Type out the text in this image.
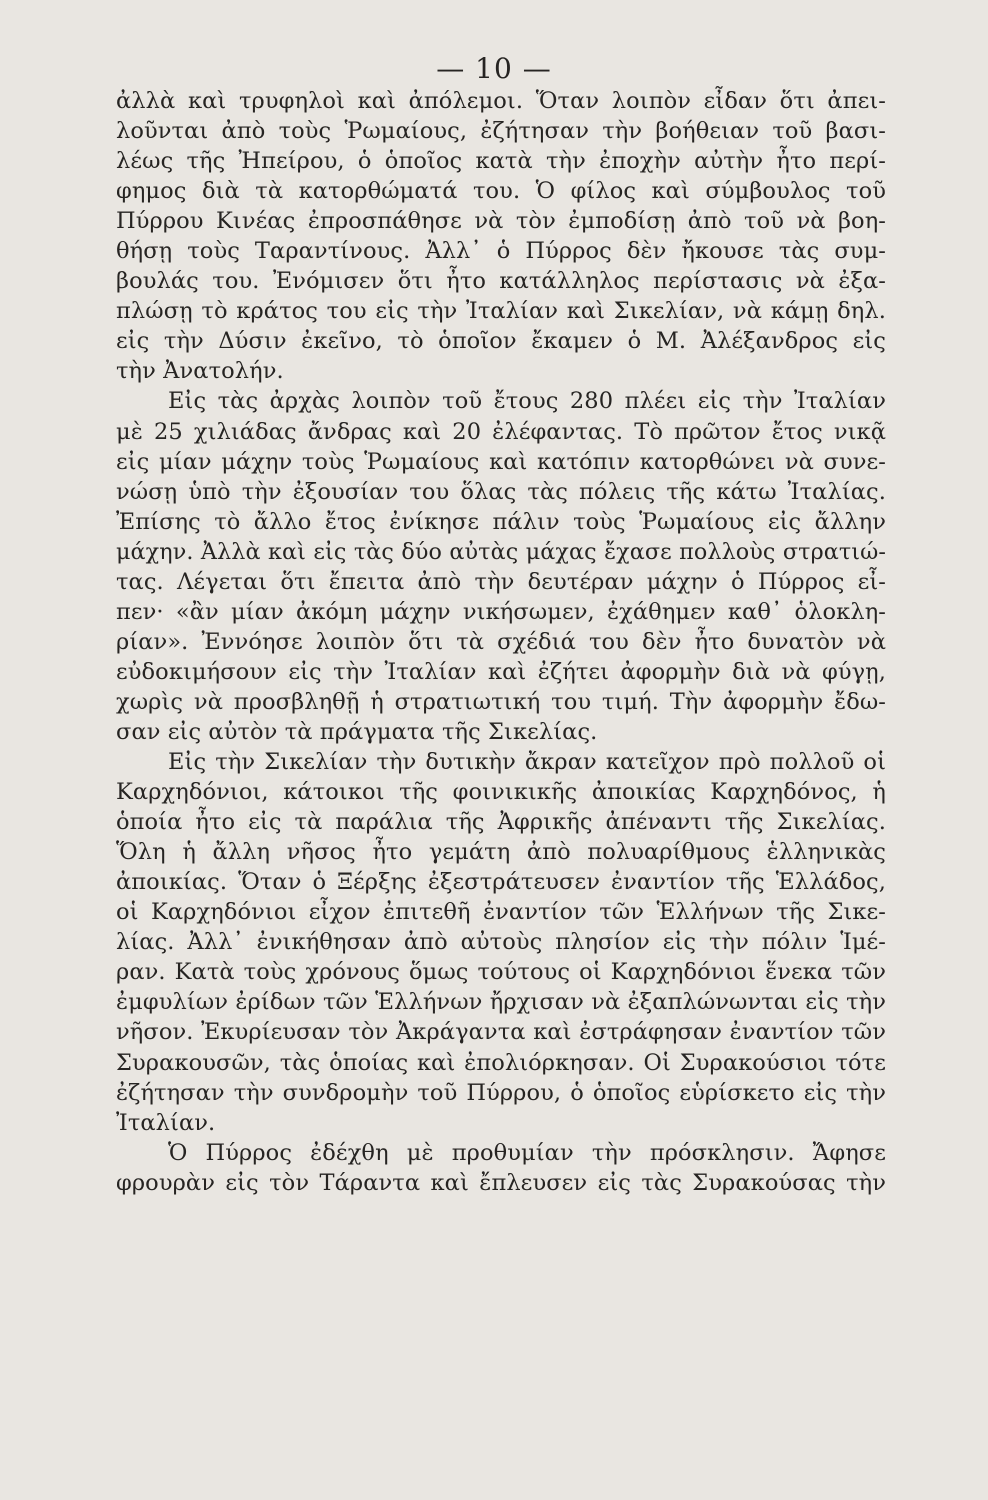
— 10 —
ἀλλὰ καὶ τρυφηλοὶ καὶ ἀπόλεμοι. Ὅταν λοιπὸν εἶδαν ὅτι ἀπει-
λοῦνται ἀπὸ τοὺς Ῥωμαίους, ἐζήτησαν τὴν βοήθειαν τοῦ βασι-
λέως τῆς Ἠπείρου, ὁ ὁποῖος κατὰ τὴν ἐποχὴν αὐτὴν ἦτο περί-
φημος διὰ τὰ κατορθώματά του. Ὁ φίλος καὶ σύμβουλος τοῦ
Πύρρου Κινέας ἐπροσπάθησε νὰ τὸν ἐμποδίσῃ ἀπὸ τοῦ νὰ βοη-
θήσῃ τοὺς Ταραντίνους. Ἀλλ᾽ ὁ Πύρρος δὲν ἤκουσε τὰς συμ-
βουλάς του. Ἐνόμισεν ὅτι ἦτο κατάλληλος περίστασις νὰ ἐξα-
πλώσῃ τὸ κράτος του εἰς τὴν Ἰταλίαν καὶ Σικελίαν, νὰ κάμῃ δηλ.
εἰς τὴν Δύσιν ἐκεῖνο, τὸ ὁποῖον ἔκαμεν ὁ Μ. Ἀλέξανδρος εἰς
τὴν Ἀνατολήν.
Εἰς τὰς ἀρχὰς λοιπὸν τοῦ ἔτους 280 πλέει εἰς τὴν Ἰταλίαν
μὲ 25 χιλιάδας ἄνδρας καὶ 20 ἐλέφαντας. Τὸ πρῶτον ἔτος νικᾷ
εἰς μίαν μάχην τοὺς Ῥωμαίους καὶ κατόπιν κατορθώνει νὰ συνε-
νώσῃ ὑπὸ τὴν ἐξουσίαν του ὅλας τὰς πόλεις τῆς κάτω Ἰταλίας.
Ἐπίσης τὸ ἄλλο ἔτος ἐνίκησε πάλιν τοὺς Ῥωμαίους εἰς ἄλλην
μάχην. Ἀλλὰ καὶ εἰς τὰς δύο αὐτὰς μάχας ἔχασε πολλοὺς στρατιώ-
τας. Λέγεται ὅτι ἔπειτα ἀπὸ τὴν δευτέραν μάχην ὁ Πύρρος εἶ-
πεν· «ἂν μίαν ἀκόμη μάχην νικήσωμεν, ἐχάθημεν καθ᾽ ὁλοκλη-
ρίαν». Ἐννόησε λοιπὸν ὅτι τὰ σχέδιά του δὲν ἦτο δυνατὸν νὰ
εὐδοκιμήσουν εἰς τὴν Ἰταλίαν καὶ ἐζήτει ἀφορμὴν διὰ νὰ φύγῃ,
χωρὶς νὰ προσβληθῇ ἡ στρατιωτική του τιμή. Τὴν ἀφορμὴν ἔδω-
σαν εἰς αὐτὸν τὰ πράγματα τῆς Σικελίας.
Εἰς τὴν Σικελίαν τὴν δυτικὴν ἄκραν κατεῖχον πρὸ πολλοῦ οἱ
Καρχηδόνιοι, κάτοικοι τῆς φοινικικῆς ἀποικίας Καρχηδόνος, ἡ
ὁποία ἦτο εἰς τὰ παράλια τῆς Ἀφρικῆς ἀπέναντι τῆς Σικελίας.
Ὅλη ἡ ἄλλη νῆσος ἦτο γεμάτη ἀπὸ πολυαρίθμους ἑλληνικὰς
ἀποικίας. Ὅταν ὁ Ξέρξης ἐξεστράτευσεν ἐναντίον τῆς Ἑλλάδος,
οἱ Καρχηδόνιοι εἶχον ἐπιτεθῆ ἐναντίον τῶν Ἑλλήνων τῆς Σικε-
λίας. Ἀλλ᾽ ἐνικήθησαν ἀπὸ αὐτοὺς πλησίον εἰς τὴν πόλιν Ἱμέ-
ραν. Κατὰ τοὺς χρόνους ὅμως τούτους οἱ Καρχηδόνιοι ἕνεκα τῶν
ἐμφυλίων ἐρίδων τῶν Ἑλλήνων ἤρχισαν νὰ ἐξαπλώνωνται εἰς τὴν
νῆσον. Ἐκυρίευσαν τὸν Ἀκράγαντα καὶ ἐστράφησαν ἐναντίον τῶν
Συρακουσῶν, τὰς ὁποίας καὶ ἐπολιόρκησαν. Οἱ Συρακούσιοι τότε
ἐζήτησαν τὴν συνδρομὴν τοῦ Πύρρου, ὁ ὁποῖος εὑρίσκετο εἰς τὴν
Ἰταλίαν.
Ὁ Πύρρος ἐδέχθη μὲ προθυμίαν τὴν πρόσκλησιν. Ἄφησε
φρουρὰν εἰς τὸν Τάραντα καὶ ἔπλευσεν εἰς τὰς Συρακούσας τὴν
